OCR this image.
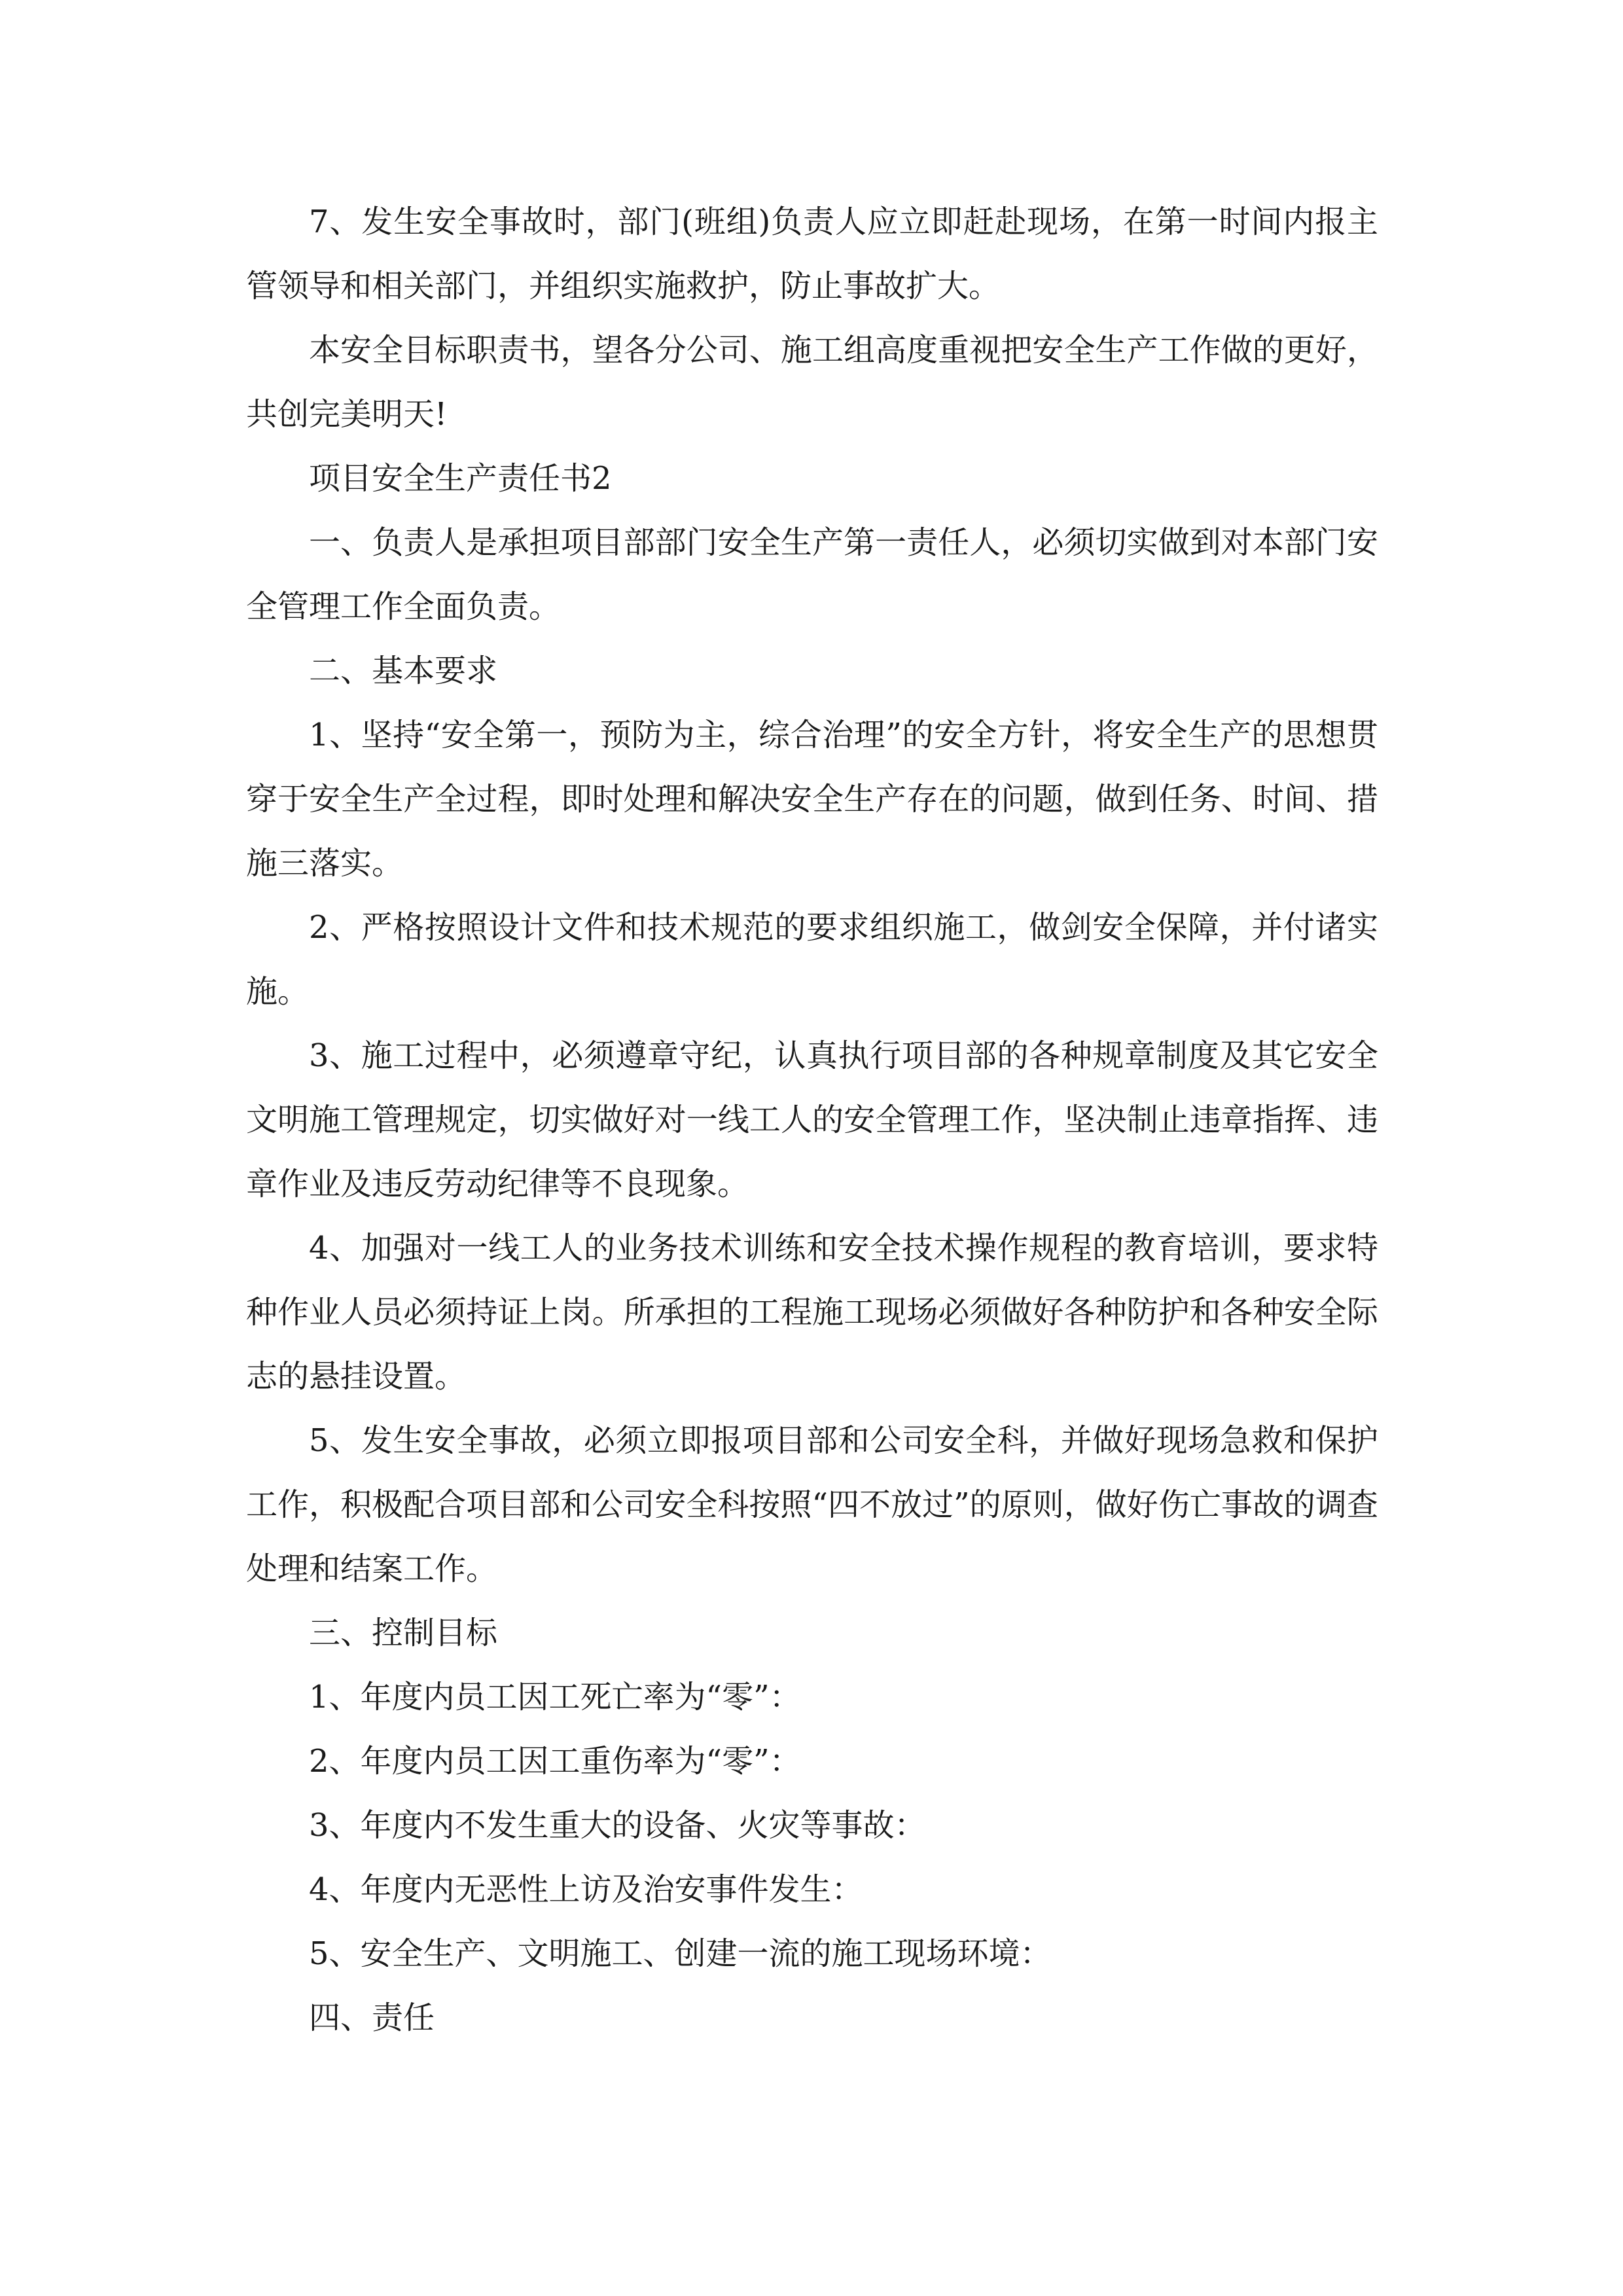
7、发生安全事故时，部门(班组)负责人应立即赶赴现场，在第一时间内报主管领导和相关部门，并组织实施救护，防止事故扩大。

本安全目标职责书，望各分公司、施工组高度重视把安全生产工作做的更好，共创完美明天!

项目安全生产责任书2

一、负责人是承担项目部部门安全生产第一责任人，必须切实做到对本部门安全管理工作全面负责。

二、基本要求

1、坚持“安全第一，预防为主，综合治理”的安全方针，将安全生产的思想贯穿于安全生产全过程，即时处理和解决安全生产存在的问题，做到任务、时间、措施三落实。

2、严格按照设计文件和技术规范的要求组织施工，做剑安全保障，并付诸实施。

3、施工过程中，必须遵章守纪，认真执行项目部的各种规章制度及其它安全文明施工管理规定，切实做好对一线工人的安全管理工作，坚决制止违章指挥、违章作业及违反劳动纪律等不良现象。

4、加强对一线工人的业务技术训练和安全技术操作规程的教育培训，要求特种作业人员必须持证上岗。所承担的工程施工现场必须做好各种防护和各种安全际志的悬挂设置。

5、发生安全事故，必须立即报项目部和公司安全科，并做好现场急救和保护工作，积极配合项目部和公司安全科按照“四不放过”的原则，做好伤亡事故的调查处理和结案工作。

三、控制目标

1、年度内员工因工死亡率为“零”：

2、年度内员工因工重伤率为“零”：

3、年度内不发生重大的设备、火灾等事故：

4、年度内无恶性上访及治安事件发生：

5、安全生产、文明施工、创建一流的施工现场环境：

四、责任
